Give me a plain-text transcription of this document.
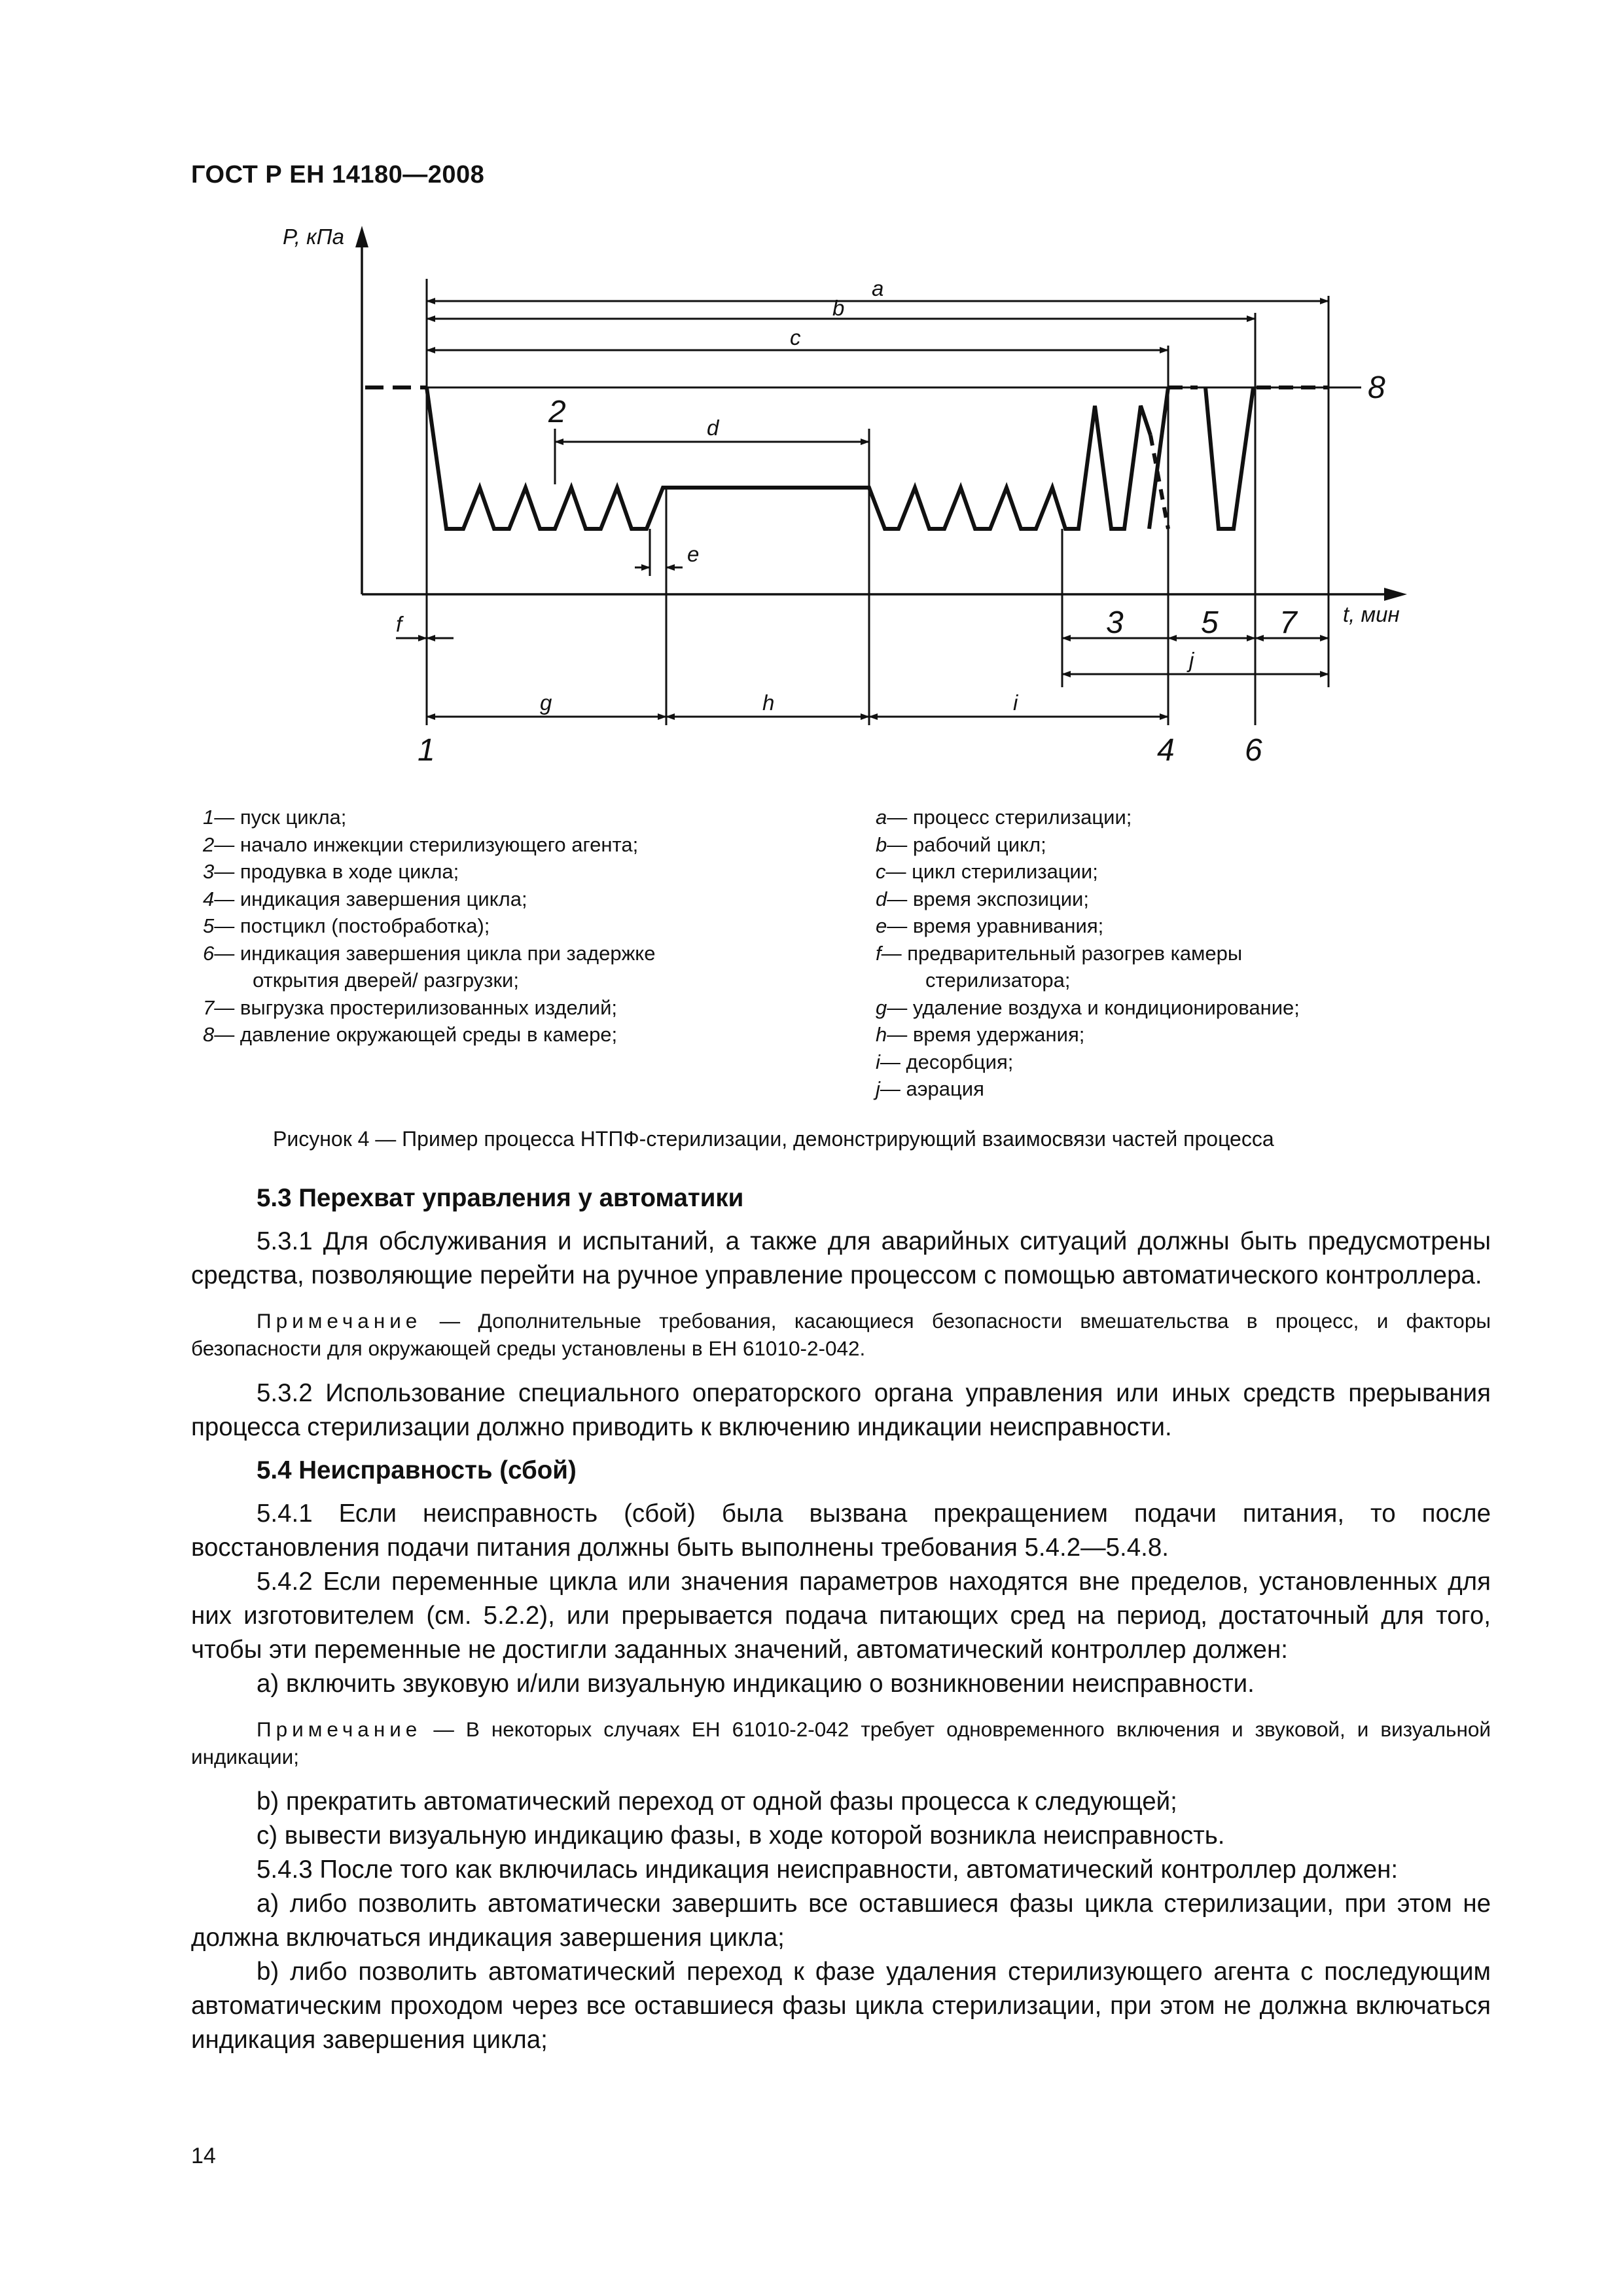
ГОСТ Р ЕН 14180—2008
P, кПа
t, мин
a
b
c
d
e
f
g	h	i
j
1
2
3
4
5
6
7
8
1 — пуск цикла;
2 — начало инжекции стерилизующего агента;
3 — продувка в ходе цикла;
4 — индикация завершения цикла;
5 — постцикл (постобработка);
6 — индикация завершения цикла при задержке
открытия дверей/ разгрузки;
7 — выгрузка простерилизованных изделий;
8 — давление окружающей среды в камере;
a — процесс стерилизации;
b — рабочий цикл;
c — цикл стерилизации;
d — время экспозиции;
e — время уравнивания;
f — предварительный разогрев камеры
стерилизатора;
g — удаление воздуха и кондиционирование;
h — время удержания;
i — десорбция;
j — аэрация
Рисунок 4 — Пример процесса НТПФ-стерилизации, демонстрирующий взаимосвязи частей процесса
5.3 Перехват управления у автоматики

5.3.1 Для обслуживания и испытаний, а также для аварийных ситуаций должны быть предусмотрены средства, позволяющие перейти на ручное управление процессом с помощью автоматического контроллера.

Примечание — Дополнительные требования, касающиеся безопасности вмешательства в процесс, и факторы безопасности для окружающей среды установлены в ЕН 61010-2-042.

5.3.2 Использование специального операторского органа управления или иных средств прерывания процесса стерилизации должно приводить к включению индикации неисправности.

5.4 Неисправность (сбой)

5.4.1 Если неисправность (сбой) была вызвана прекращением подачи питания, то после восстановления подачи питания должны быть выполнены требования 5.4.2—5.4.8.

5.4.2 Если переменные цикла или значения параметров находятся вне пределов, установленных для них изготовителем (см. 5.2.2), или прерывается подача питающих сред на период, достаточный для того, чтобы эти переменные не достигли заданных значений, автоматический контроллер должен:

a) включить звуковую и/или визуальную индикацию о возникновении неисправности.

Примечание — В некоторых случаях ЕН 61010-2-042 требует одновременного включения и звуковой, и визуальной индикации;

b) прекратить автоматический переход от одной фазы процесса к следующей;

c) вывести визуальную индикацию фазы, в ходе которой возникла неисправность.

5.4.3 После того как включилась индикация неисправности, автоматический контроллер должен:

a) либо позволить автоматически завершить все оставшиеся фазы цикла стерилизации, при этом не должна включаться индикация завершения цикла;

b) либо позволить автоматический переход к фазе удаления стерилизующего агента с последующим автоматическим проходом через все оставшиеся фазы цикла стерилизации, при этом не должна включаться индикация завершения цикла;

14
